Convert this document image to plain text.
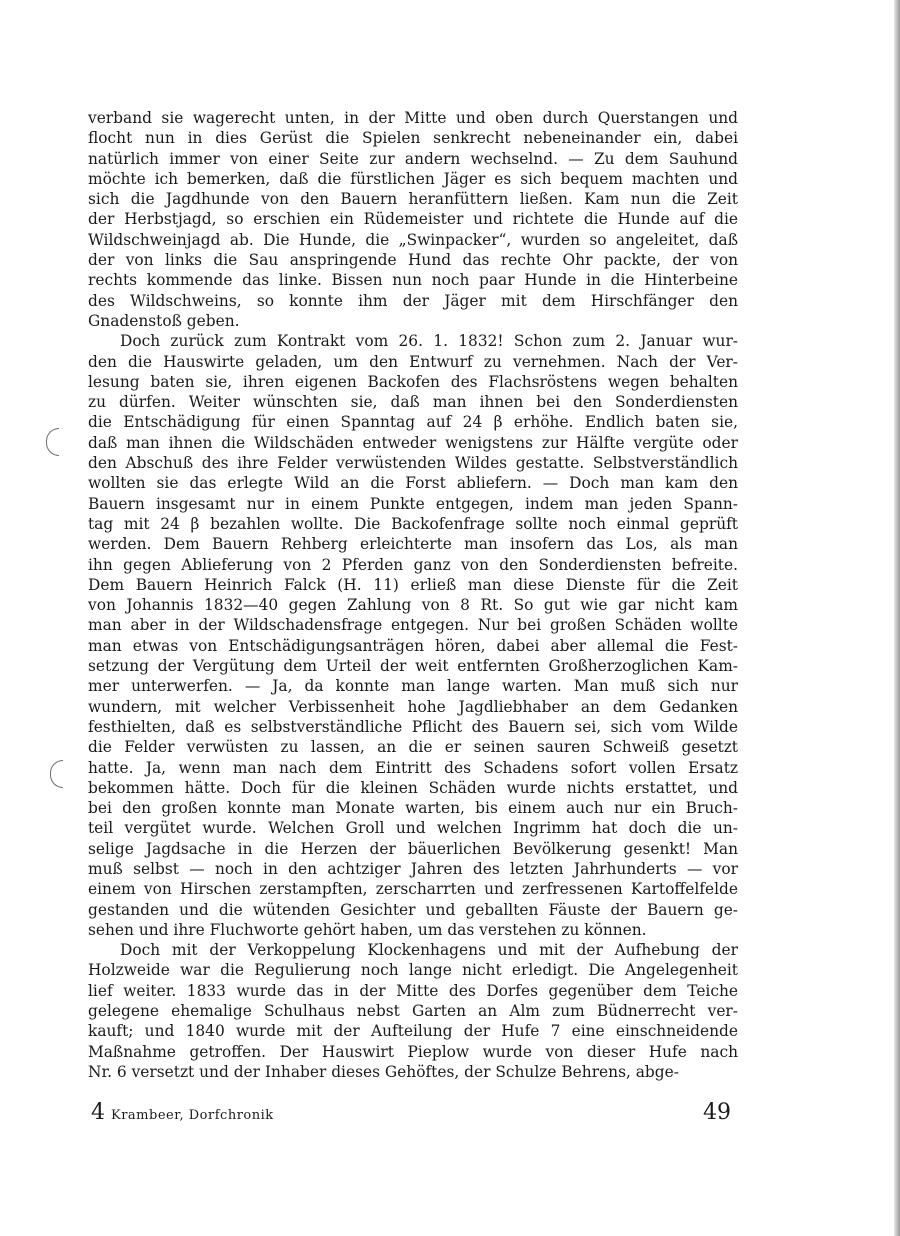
verband sie wagerecht unten, in der Mitte und oben durch Querstangen und
flocht nun in dies Gerüst die Spielen senkrecht nebeneinander ein, dabei
natürlich immer von einer Seite zur andern wechselnd. — Zu dem Sauhund
möchte ich bemerken, daß die fürstlichen Jäger es sich bequem machten und
sich die Jagdhunde von den Bauern heranfüttern ließen. Kam nun die Zeit
der Herbstjagd, so erschien ein Rüdemeister und richtete die Hunde auf die
Wildschweinjagd ab. Die Hunde, die „Swinpacker“, wurden so angeleitet, daß
der von links die Sau anspringende Hund das rechte Ohr packte, der von
rechts kommende das linke. Bissen nun noch paar Hunde in die Hinterbeine
des Wildschweins, so konnte ihm der Jäger mit dem Hirschfänger den
Gnadenstoß geben.
Doch zurück zum Kontrakt vom 26. 1. 1832! Schon zum 2. Januar wur-
den die Hauswirte geladen, um den Entwurf zu vernehmen. Nach der Ver-
lesung baten sie, ihren eigenen Backofen des Flachsröstens wegen behalten
zu dürfen. Weiter wünschten sie, daß man ihnen bei den Sonderdiensten
die Entschädigung für einen Spanntag auf 24 β erhöhe. Endlich baten sie,
daß man ihnen die Wildschäden entweder wenigstens zur Hälfte vergüte oder
den Abschuß des ihre Felder verwüstenden Wildes gestatte. Selbstverständlich
wollten sie das erlegte Wild an die Forst abliefern. — Doch man kam den
Bauern insgesamt nur in einem Punkte entgegen, indem man jeden Spann-
tag mit 24 β bezahlen wollte. Die Backofenfrage sollte noch einmal geprüft
werden. Dem Bauern Rehberg erleichterte man insofern das Los, als man
ihn gegen Ablieferung von 2 Pferden ganz von den Sonderdiensten befreite.
Dem Bauern Heinrich Falck (H. 11) erließ man diese Dienste für die Zeit
von Johannis 1832—40 gegen Zahlung von 8 Rt. So gut wie gar nicht kam
man aber in der Wildschadensfrage entgegen. Nur bei großen Schäden wollte
man etwas von Entschädigungsanträgen hören, dabei aber allemal die Fest-
setzung der Vergütung dem Urteil der weit entfernten Großherzoglichen Kam-
mer unterwerfen. — Ja, da konnte man lange warten. Man muß sich nur
wundern, mit welcher Verbissenheit hohe Jagdliebhaber an dem Gedanken
festhielten, daß es selbstverständliche Pflicht des Bauern sei, sich vom Wilde
die Felder verwüsten zu lassen, an die er seinen sauren Schweiß gesetzt
hatte. Ja, wenn man nach dem Eintritt des Schadens sofort vollen Ersatz
bekommen hätte. Doch für die kleinen Schäden wurde nichts erstattet, und
bei den großen konnte man Monate warten, bis einem auch nur ein Bruch-
teil vergütet wurde. Welchen Groll und welchen Ingrimm hat doch die un-
selige Jagdsache in die Herzen der bäuerlichen Bevölkerung gesenkt! Man
muß selbst — noch in den achtziger Jahren des letzten Jahrhunderts — vor
einem von Hirschen zerstampften, zerscharrten und zerfressenen Kartoffelfelde
gestanden und die wütenden Gesichter und geballten Fäuste der Bauern ge-
sehen und ihre Fluchworte gehört haben, um das verstehen zu können.
Doch mit der Verkoppelung Klockenhagens und mit der Aufhebung der
Holzweide war die Regulierung noch lange nicht erledigt. Die Angelegenheit
lief weiter. 1833 wurde das in der Mitte des Dorfes gegenüber dem Teiche
gelegene ehemalige Schulhaus nebst Garten an Alm zum Büdnerrecht ver-
kauft; und 1840 wurde mit der Aufteilung der Hufe 7 eine einschneidende
Maßnahme getroffen. Der Hauswirt Pieplow wurde von dieser Hufe nach
Nr. 6 versetzt und der Inhaber dieses Gehöftes, der Schulze Behrens, abge-
4 Krambeer, Dorfchronik	49
